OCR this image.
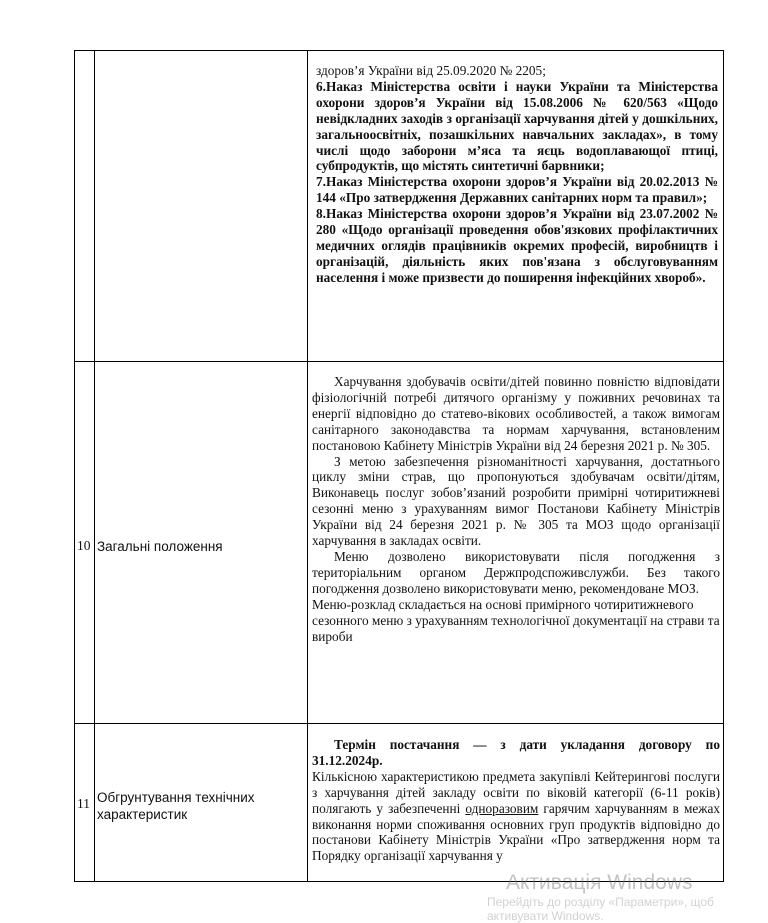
здоров’я України від 25.09.2020 № 2205;

6.Наказ Міністерства освіти і науки України та Міністерства охорони здоров’я України від 15.08.2006 № 620/563 «Щодо невідкладних заходів з організації харчування дітей у дошкільних, загальноосвітніх, позашкільних навчальних закладах», в тому числі щодо заборони м’яса та яєць водоплавающої птиці, субпродуктів, що містять синтетичні барвники;

7.Наказ Міністерства охорони здоров’я України від 20.02.2013 № 144 «Про затвердження Державних санітарних норм та правил»;

8.Наказ Міністерства охорони здоров’я України від 23.07.2002 № 280 «Щодо організації проведення обов'язкових профілактичних медичних оглядів працівників окремих професій, виробництв і організацій, діяльність яких пов'язана з обслуговуванням населення і може призвести до поширення інфекційних хвороб».

10 Загальні положення

Харчування здобувачів освіти/дітей повинно повністю відповідати фізіологічній потребі дитячого організму у поживних речовинах та енергії відповідно до статево-вікових особливостей, а також вимогам санітарного законодавства та нормам харчування, встановленим постановою Кабінету Міністрів України від 24 березня 2021 р. № 305.

З метою забезпечення різноманітності харчування, достатнього циклу зміни страв, що пропонуються здобувачам освіти/дітям, Виконавець послуг зобов’язаний розробити примірні чотиритижневі сезонні меню з урахуванням вимог Постанови Кабінету Міністрів України від 24 березня 2021 р. № 305 та МОЗ щодо організації харчування в закладах освіти.

Меню дозволено використовувати після погодження з територіальним органом Держпродспоживслужби. Без такого погодження дозволено використовувати меню, рекомендоване МОЗ.

Меню-розклад складається на основі примірного чотиритижневого сезонного меню з урахуванням технологічної документації на страви та вироби

11 Обгрунтування технічних характеристик

Термін постачання — з дати укладання договору по 31.12.2024р.

Кількісною характеристикою предмета закупівлі Кейтерингові послуги з харчування дітей закладу освіти по віковій категорії (6-11 років) полягають у забезпеченні одноразовим гарячим харчуванням в межах виконання норми споживання основних груп продуктів відповідно до постанови Кабінету Міністрів України «Про затвердження норм та Порядку організації харчування у

Активація Windows
Перейдіть до розділу «Параметри», щоб активувати Windows.
